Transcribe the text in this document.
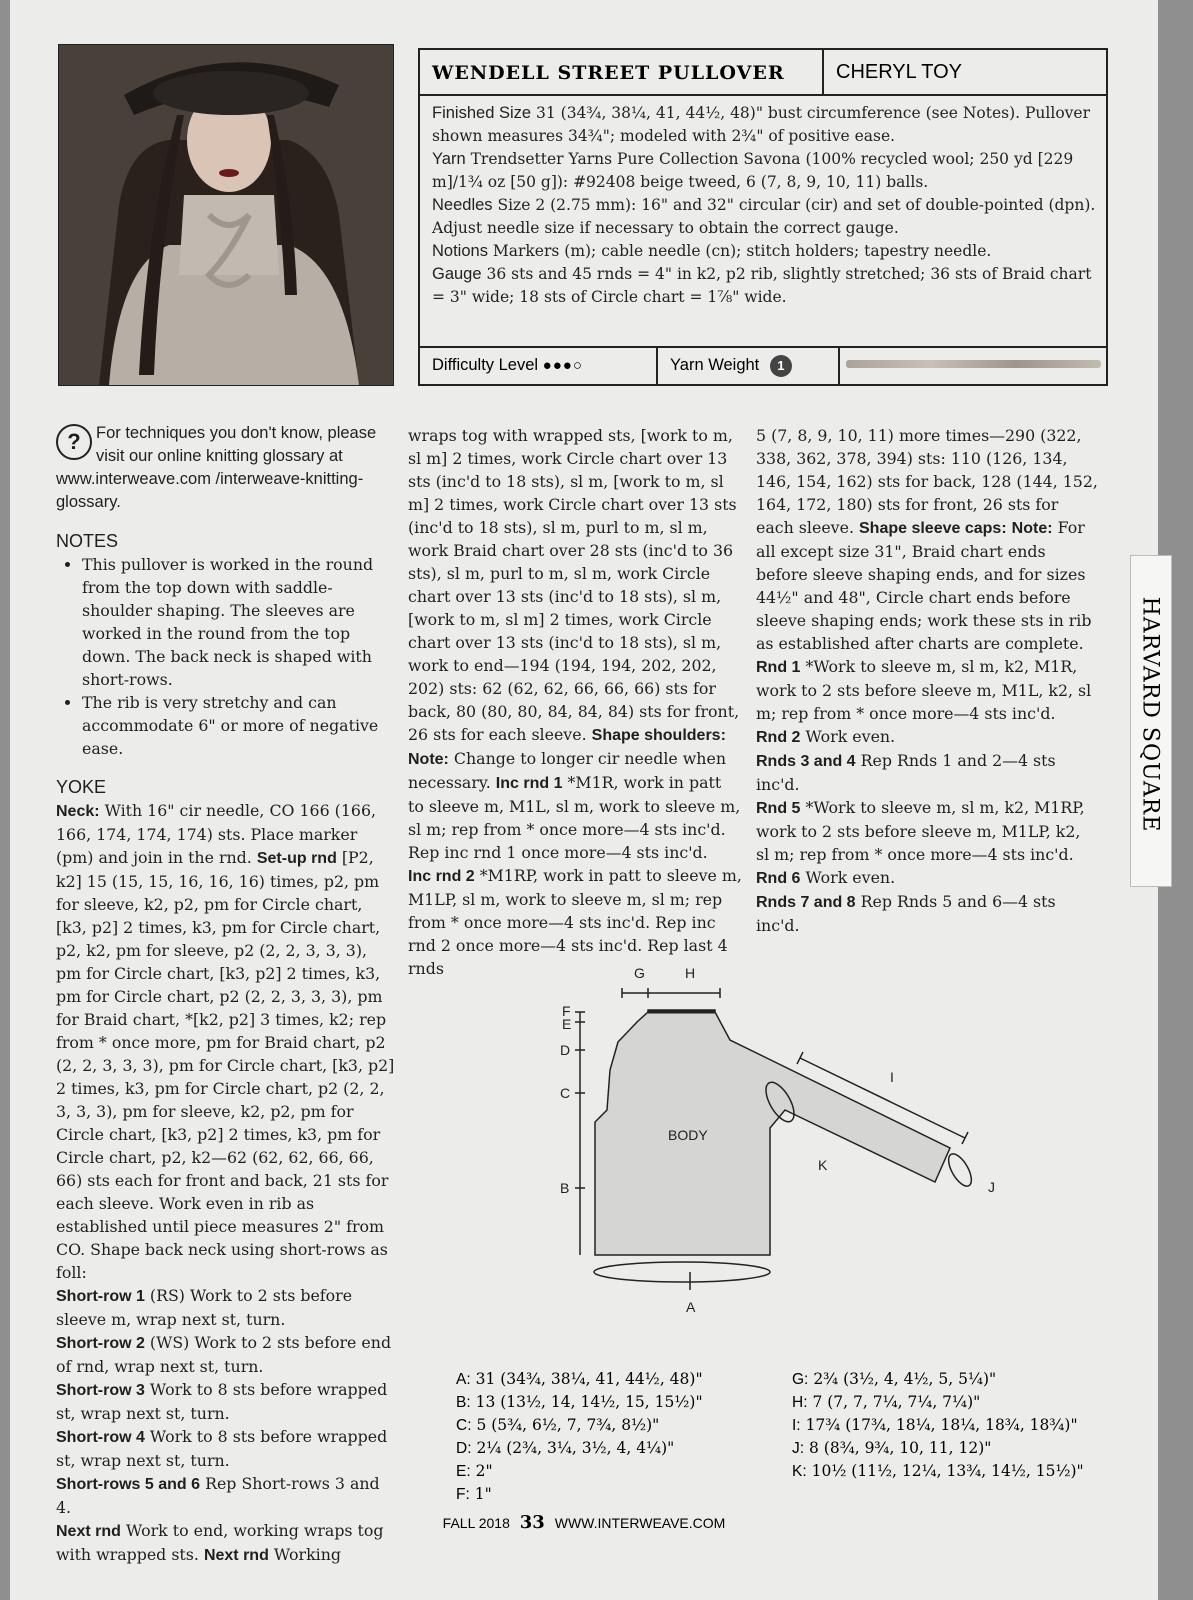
WENDELL STREET PULLOVER	CHERYL TOY
Finished Size 31 (34¾, 38¼, 41, 44½, 48)" bust circumference (see Notes). Pullover shown measures 34¾"; modeled with 2¾" of positive ease.
Yarn Trendsetter Yarns Pure Collection Savona (100% recycled wool; 250 yd [229 m]/1¾ oz [50 g]): #92408 beige tweed, 6 (7, 8, 9, 10, 11) balls.
Needles Size 2 (2.75 mm): 16" and 32" circular (cir) and set of double-pointed (dpn). Adjust needle size if necessary to obtain the correct gauge.
Notions Markers (m); cable needle (cn); stitch holders; tapestry needle.
Gauge 36 sts and 45 rnds = 4" in k2, p2 rib, slightly stretched; 36 sts of Braid chart = 3" wide; 18 sts of Circle chart = 1⅞" wide.
Difficulty Level ●●●○	Yarn Weight 1
? For techniques you don't know, please visit our online knitting glossary at www.interweave.com /interweave-knitting-glossary.

NOTES

• This pullover is worked in the round from the top down with saddle-shoulder shaping. The sleeves are worked in the round from the top down. The back neck is shaped with short-rows.
• The rib is very stretchy and can accommodate 6" or more of negative ease.

YOKE

Neck: With 16" cir needle, CO 166 (166, 166, 174, 174, 174) sts. Place marker (pm) and join in the rnd. Set-up rnd [P2, k2] 15 (15, 15, 16, 16, 16) times, p2, pm for sleeve, k2, p2, pm for Circle chart, [k3, p2] 2 times, k3, pm for Circle chart, p2, k2, pm for sleeve, p2 (2, 2, 3, 3, 3), pm for Circle chart, [k3, p2] 2 times, k3, pm for Circle chart, p2 (2, 2, 3, 3, 3), pm for Braid chart, *[k2, p2] 3 times, k2; rep from * once more, pm for Braid chart, p2 (2, 2, 3, 3, 3), pm for Circle chart, [k3, p2] 2 times, k3, pm for Circle chart, p2 (2, 2, 3, 3, 3), pm for sleeve, k2, p2, pm for Circle chart, [k3, p2] 2 times, k3, pm for Circle chart, p2, k2—62 (62, 62, 66, 66, 66) sts each for front and back, 21 sts for each sleeve. Work even in rib as established until piece measures 2" from CO. Shape back neck using short-rows as foll:

Short-row 1 (RS) Work to 2 sts before sleeve m, wrap next st, turn.

Short-row 2 (WS) Work to 2 sts before end of rnd, wrap next st, turn.

Short-row 3 Work to 8 sts before wrapped st, wrap next st, turn.

Short-row 4 Work to 8 sts before wrapped st, wrap next st, turn.

Short-rows 5 and 6 Rep Short-rows 3 and 4.

Next rnd Work to end, working wraps tog with wrapped sts. Next rnd Working

wraps tog with wrapped sts, [work to m, sl m] 2 times, work Circle chart over 13 sts (inc'd to 18 sts), sl m, [work to m, sl m] 2 times, work Circle chart over 13 sts (inc'd to 18 sts), sl m, purl to m, sl m, work Braid chart over 28 sts (inc'd to 36 sts), sl m, purl to m, sl m, work Circle chart over 13 sts (inc'd to 18 sts), sl m, [work to m, sl m] 2 times, work Circle chart over 13 sts (inc'd to 18 sts), sl m, work to end—194 (194, 194, 202, 202, 202) sts: 62 (62, 62, 66, 66, 66) sts for back, 80 (80, 80, 84, 84, 84) sts for front, 26 sts for each sleeve. Shape shoulders: Note: Change to longer cir needle when necessary. Inc rnd 1 *M1R, work in patt to sleeve m, M1L, sl m, work to sleeve m, sl m; rep from * once more—4 sts inc'd. Rep inc rnd 1 once more—4 sts inc'd.

Inc rnd 2 *M1RP, work in patt to sleeve m, M1LP, sl m, work to sleeve m, sl m; rep from * once more—4 sts inc'd. Rep inc rnd 2 once more—4 sts inc'd. Rep last 4 rnds

5 (7, 8, 9, 10, 11) more times—290 (322, 338, 362, 378, 394) sts: 110 (126, 134, 146, 154, 162) sts for back, 128 (144, 152, 164, 172, 180) sts for front, 26 sts for each sleeve. Shape sleeve caps: Note: For all except size 31", Braid chart ends before sleeve shaping ends, and for sizes 44½" and 48", Circle chart ends before sleeve shaping ends; work these sts in rib as established after charts are complete.

Rnd 1 *Work to sleeve m, sl m, k2, M1R, work to 2 sts before sleeve m, M1L, k2, sl m; rep from * once more—4 sts inc'd.

Rnd 2 Work even.

Rnds 3 and 4 Rep Rnds 1 and 2—4 sts inc'd.

Rnd 5 *Work to sleeve m, sl m, k2, M1RP, work to 2 sts before sleeve m, M1LP, k2, sl m; rep from * once more—4 sts inc'd.

Rnd 6 Work even.

Rnds 7 and 8 Rep Rnds 5 and 6—4 sts inc'd.

HARVARD SQUARE
BODY
A
B
C
D
E
F
G	H
I
J
K
A: 31 (34¾, 38¼, 41, 44½, 48)"
B: 13 (13½, 14, 14½, 15, 15½)"
C: 5 (5¾, 6½, 7, 7¾, 8½)"
D: 2¼ (2¾, 3¼, 3½, 4, 4¼)"
E: 2"
F: 1"
G: 2¾ (3½, 4, 4½, 5, 5¼)"
H: 7 (7, 7, 7¼, 7¼, 7¼)"
I: 17¾ (17¾, 18¼, 18¼, 18¾, 18¾)"
J: 8 (8¾, 9¾, 10, 11, 12)"
K: 10½ (11½, 12¼, 13¾, 14½, 15½)"
FALL 2018 33 WWW.INTERWEAVE.COM
